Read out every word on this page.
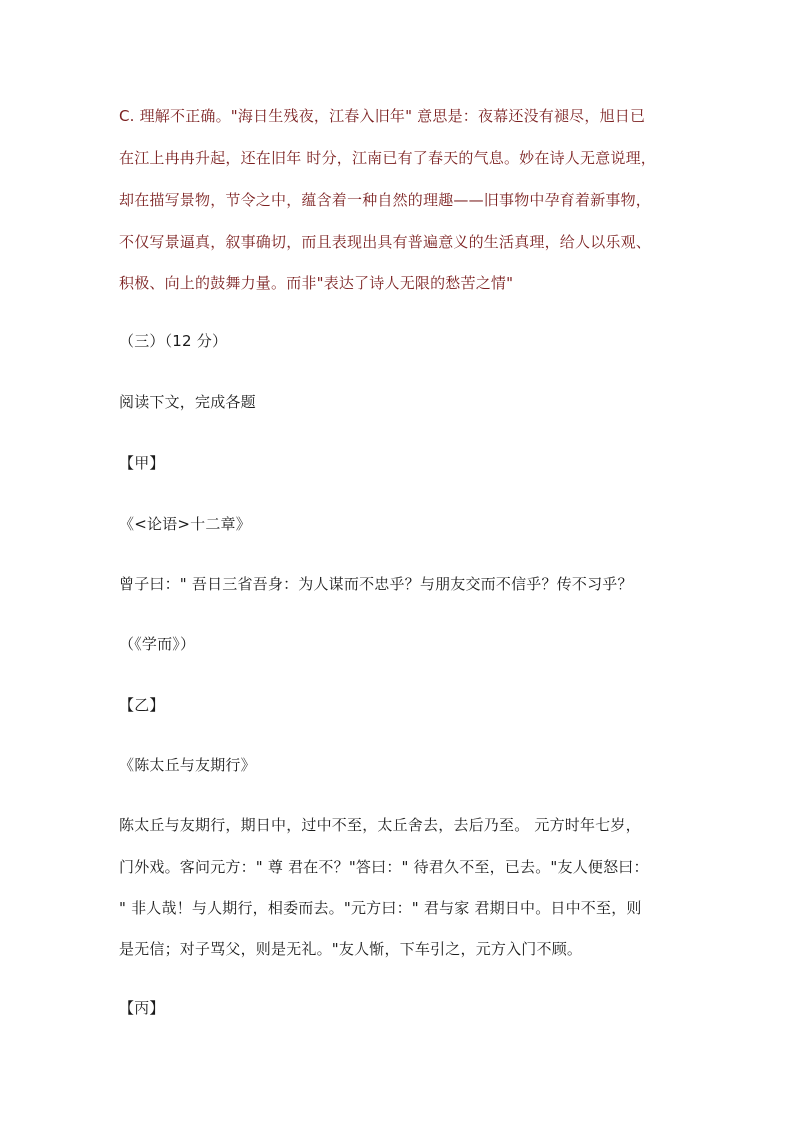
C. 理解不正确。"海日生残夜，江春入旧年" 意思是：夜幕还没有褪尽，旭日已
在江上冉冉升起，还在旧年 时分，江南已有了春天的气息。妙在诗人无意说理，
却在描写景物，节令之中，蕴含着一种自然的理趣——旧事物中孕育着新事物，
不仅写景逼真，叙事确切，而且表现出具有普遍意义的生活真理，给人以乐观、
积极、向上的鼓舞力量。而非"表达了诗人无限的愁苦之情"
（三）（12 分）
阅读下文，完成各题
【甲】
《<论语>十二章》
曾子曰：" 吾日三省吾身：为人谋而不忠乎？与朋友交而不信乎？传不习乎？
（《学而》）
【乙】
《陈太丘与友期行》
陈太丘与友期行，期日中，过中不至，太丘舍去，去后乃至。 元方时年七岁，
门外戏。客问元方：" 尊 君在不？"答曰：" 待君久不至，已去。"友人便怒曰：
" 非人哉！与人期行，相委而去。"元方曰：" 君与家 君期日中。日中不至，则
是无信；对子骂父，则是无礼。"友人惭，下车引之，元方入门不顾。
【丙】
